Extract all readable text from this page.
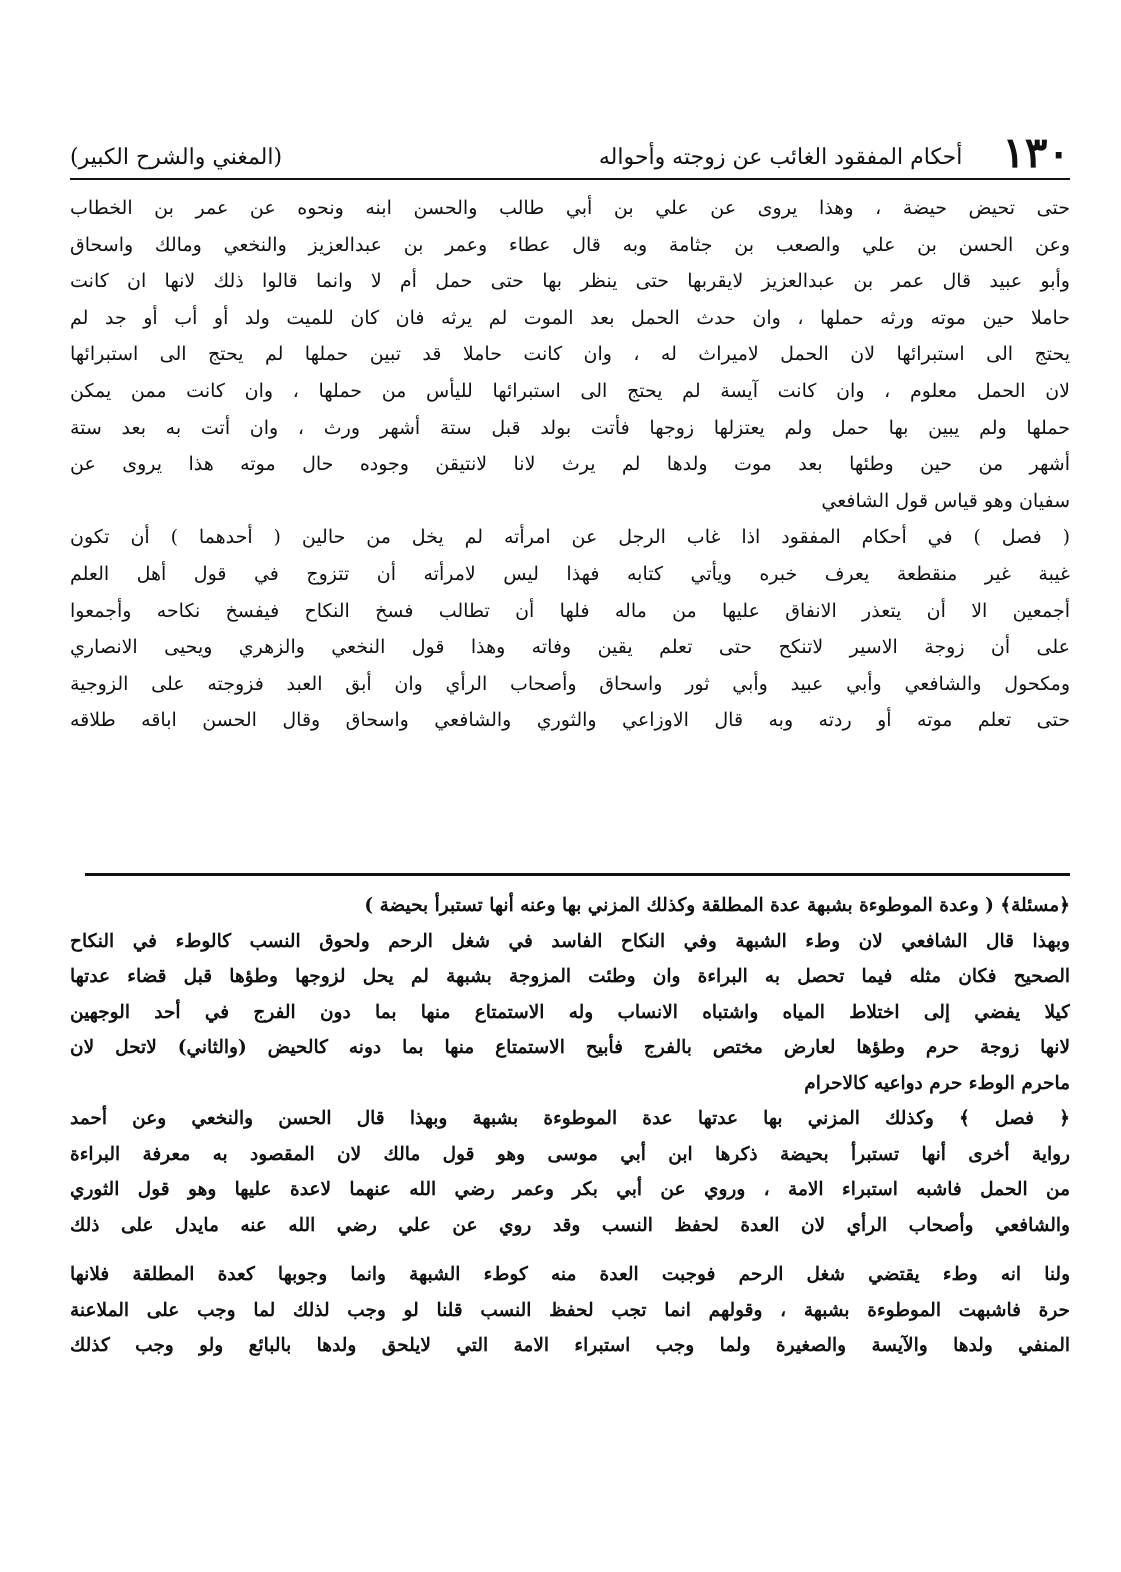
١٣٠
أحكام المفقود الغائب عن زوجته وأحواله
(المغني والشرح الكبير)
حتى تحيض حيضة ، وهذا يروى عن علي بن أبي طالب والحسن ابنه ونحوه عن عمر بن الخطاب
وعن الحسن بن علي والصعب بن جثامة وبه قال عطاء وعمر بن عبدالعزيز والنخعي ومالك واسحاق
وأبو عبيد قال عمر بن عبدالعزيز لايقربها حتى ينظر بها حتى حمل أم لا وانما قالوا ذلك لانها ان كانت
حاملا حين موته ورثه حملها ، وان حدث الحمل بعد الموت لم يرثه فان كان للميت ولد أو أب أو جد لم
يحتج الى استبرائها لان الحمل لاميراث له ، وان كانت حاملا قد تبين حملها لم يحتج الى استبرائها
لان الحمل معلوم ، وان كانت آيسة لم يحتج الى استبرائها لليأس من حملها ، وان كانت ممن يمكن
حملها ولم يبين بها حمل ولم يعتزلها زوجها فأتت بولد قبل ستة أشهر ورث ، وان أتت به بعد ستة
أشهر من حين وطئها بعد موت ولدها لم يرث لانا لانتيقن وجوده حال موته هذا يروى عن
سفيان وهو قياس قول الشافعي
( فصل ) في أحكام المفقود اذا غاب الرجل عن امرأته لم يخل من حالين ( أحدهما ) أن تكون
غيبة غير منقطعة يعرف خبره ويأتي كتابه فهذا ليس لامرأته أن تتزوج في قول أهل العلم
أجمعين الا أن يتعذر الانفاق عليها من ماله فلها أن تطالب فسخ النكاح فيفسخ نكاحه وأجمعوا
على أن زوجة الاسير لاتنكح حتى تعلم يقين وفاته وهذا قول النخعي والزهري ويحيى الانصاري
ومكحول والشافعي وأبي عبيد وأبي ثور واسحاق وأصحاب الرأي وان أبق العبد فزوجته على الزوجية
حتى تعلم موته أو ردته وبه قال الاوزاعي والثوري والشافعي واسحاق وقال الحسن اباقه طلاقه
﴿مسئلة﴾ ( وعدة الموطوءة بشبهة عدة المطلقة وكذلك المزني بها وعنه أنها تستبرأ بحيضة )
وبهذا قال الشافعي لان وطء الشبهة وفي النكاح الفاسد في شغل الرحم ولحوق النسب كالوطء في النكاح
الصحيح فكان مثله فيما تحصل به البراءة وان وطئت المزوجة بشبهة لم يحل لزوجها وطؤها قبل قضاء عدتها
كيلا يفضي إلى اختلاط المياه واشتباه الانساب وله الاستمتاع منها بما دون الفرج في أحد الوجهين
لانها زوجة حرم وطؤها لعارض مختص بالفرج فأبيح الاستمتاع منها بما دونه كالحيض (والثاني) لاتحل لان
ماحرم الوطء حرم دواعيه كالاحرام
﴿ فصل ﴾ وكذلك المزني بها عدتها عدة الموطوءة بشبهة وبهذا قال الحسن والنخعي وعن أحمد
رواية أخرى أنها تستبرأ بحيضة ذكرها ابن أبي موسى وهو قول مالك لان المقصود به معرفة البراءة
من الحمل فاشبه استبراء الامة ، وروي عن أبي بكر وعمر رضي الله عنهما لاعدة عليها وهو قول الثوري
والشافعي وأصحاب الرأي لان العدة لحفظ النسب وقد روي عن علي رضي الله عنه مايدل على ذلك
ولنا انه وطء يقتضي شغل الرحم فوجبت العدة منه كوطء الشبهة وانما وجوبها كعدة المطلقة فلانها
حرة فاشبهت الموطوءة بشبهة ، وقولهم انما تجب لحفظ النسب قلنا لو وجب لذلك لما وجب على الملاعنة
المنفي ولدها والآيسة والصغيرة ولما وجب استبراء الامة التي لايلحق ولدها بالبائع ولو وجب كذلك
